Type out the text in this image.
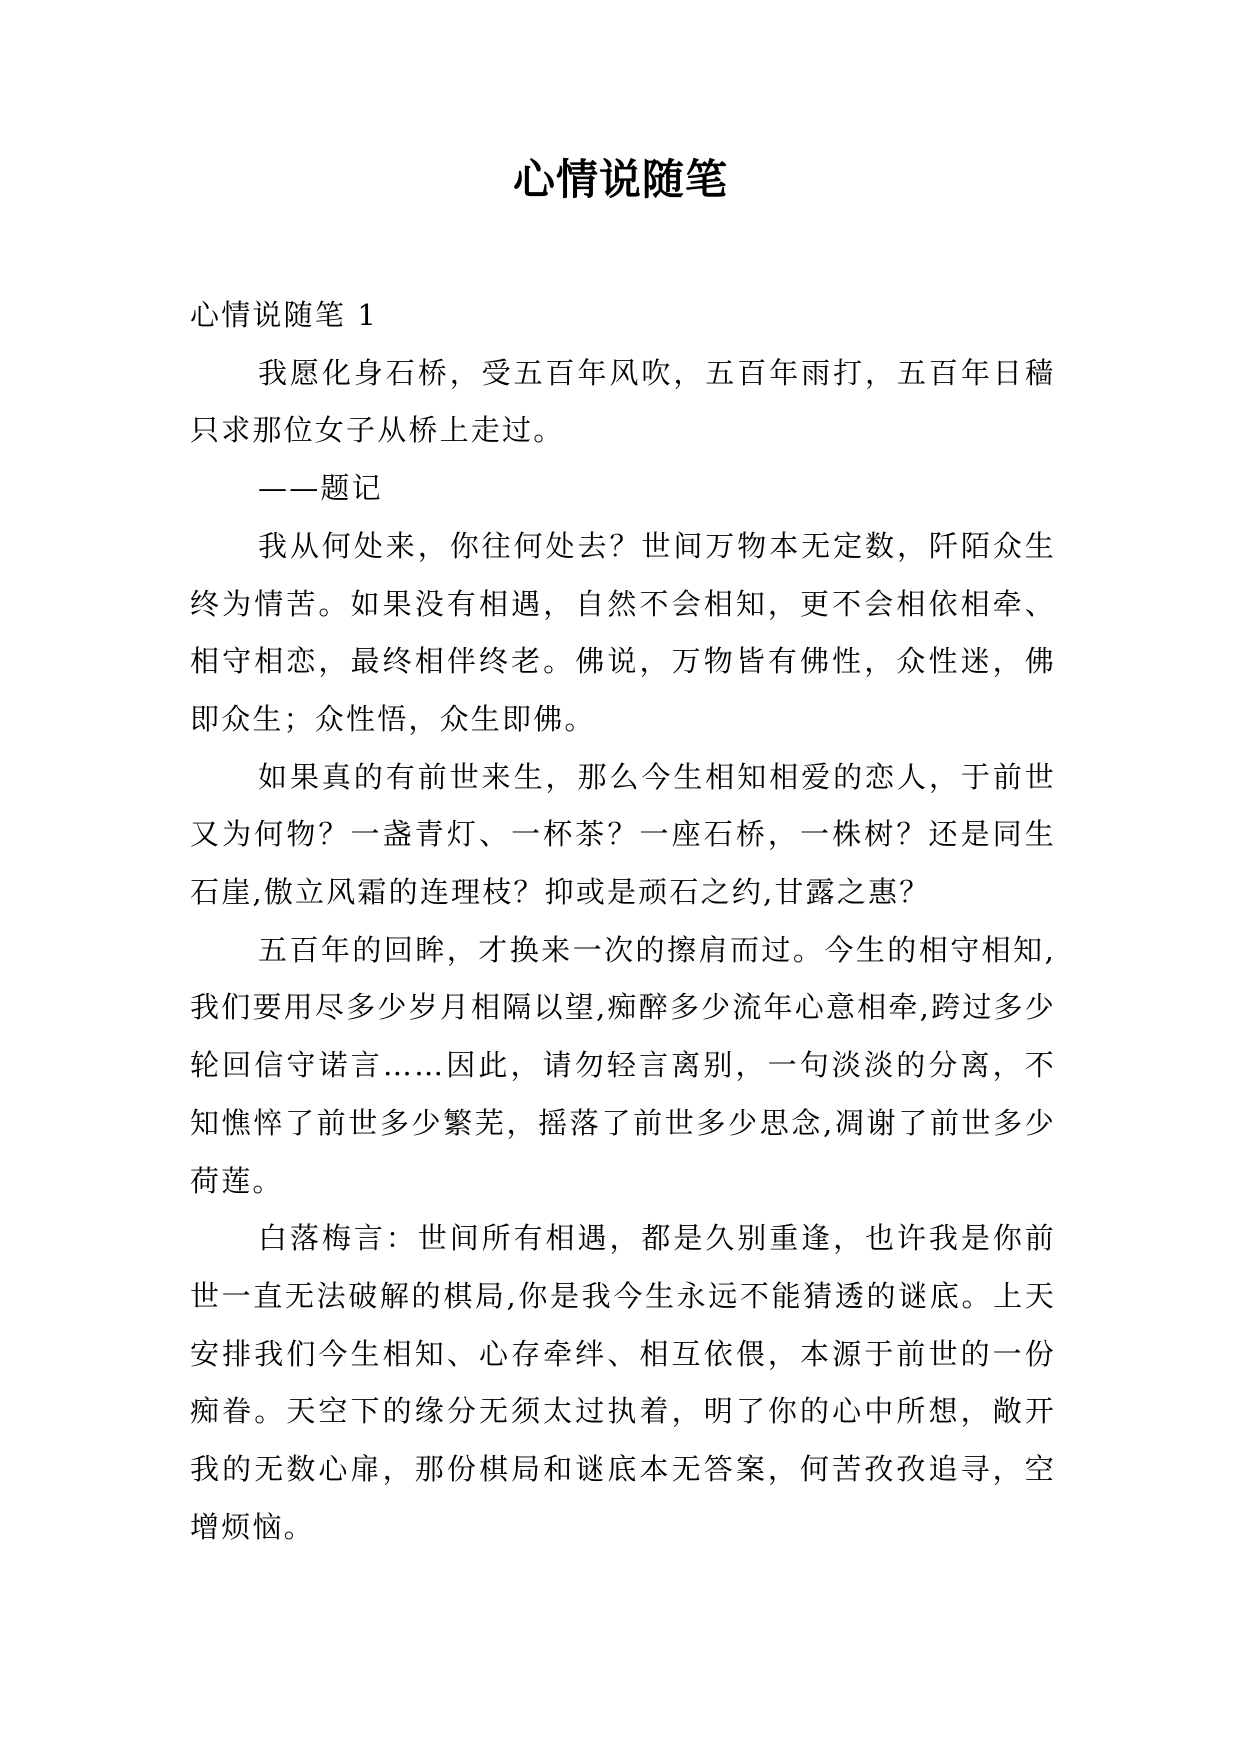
心情说随笔

心情说随笔 1

我愿化身石桥，受五百年风吹，五百年雨打，五百年日穑只求那位女子从桥上走过。

——题记

我从何处来，你往何处去？世间万物本无定数，阡陌众生终为情苦。如果没有相遇，自然不会相知，更不会相依相牵、相守相恋，最终相伴终老。佛说，万物皆有佛性，众性迷，佛即众生；众性悟，众生即佛。

如果真的有前世来生，那么今生相知相爱的恋人，于前世又为何物？一盏青灯、一杯茶？一座石桥，一株树？还是同生石崖,傲立风霜的连理枝？抑或是顽石之约,甘露之惠？

五百年的回眸，才换来一次的擦肩而过。今生的相守相知,我们要用尽多少岁月相隔以望,痴醉多少流年心意相牵,跨过多少轮回信守诺言……因此，请勿轻言离别，一句淡淡的分离，不知憔悴了前世多少繁芜，摇落了前世多少思念,凋谢了前世多少荷莲。

白落梅言：世间所有相遇，都是久别重逢，也许我是你前世一直无法破解的棋局,你是我今生永远不能猜透的谜底。上天安排我们今生相知、心存牵绊、相互依偎，本源于前世的一份痴眷。天空下的缘分无须太过执着，明了你的心中所想，敞开我的无数心扉，那份棋局和谜底本无答案，何苦孜孜追寻，空增烦恼。
